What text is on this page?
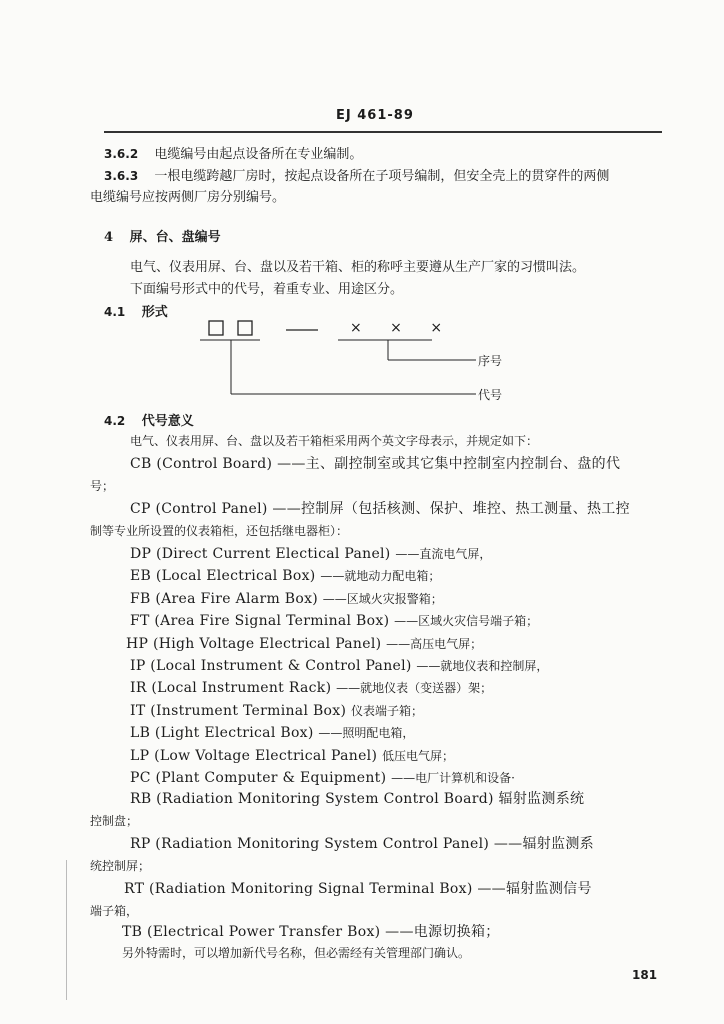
EJ 461-89
3.6.2 电缆编号由起点设备所在专业编制。
3.6.3 一根电缆跨越厂房时，按起点设备所在子项号编制，但安全壳上的贯穿件的两侧
电缆编号应按两侧厂房分别编号。
4 屏、台、盘编号
电气、仪表用屏、台、盘以及若干箱、柜的称呼主要遵从生产厂家的习惯叫法。
下面编号形式中的代号，着重专业、用途区分。
4.1 形式
× × ×
序号
代号
4.2 代号意义
电气、仪表用屏、台、盘以及若干箱柜采用两个英文字母表示，并规定如下：
CB (Control Board) ——主、副控制室或其它集中控制室内控制台、盘的代
号；
CP (Control Panel) ——控制屏（包括核测、保护、堆控、热工测量、热工控
制等专业所设置的仪表箱柜，还包括继电器柜）：
DP (Direct Current Electical Panel) ——直流电气屏，
EB (Local Electrical Box) ——就地动力配电箱；
FB (Area Fire Alarm Box) ——区域火灾报警箱；
FT (Area Fire Signal Terminal Box) ——区域火灾信号端子箱；
HP (High Voltage Electrical Panel) ——高压电气屏；
IP (Local Instrument & Control Panel) ——就地仪表和控制屏，
IR (Local Instrument Rack) ——就地仪表（变送器）架；
IT (Instrument Terminal Box) 仪表端子箱；
LB (Light Electrical Box) ——照明配电箱，
LP (Low Voltage Electrical Panel) 低压电气屏；
PC (Plant Computer & Equipment) ——电厂计算机和设备·
RB (Radiation Monitoring System Control Board) 辐射监测系统
控制盘；
RP (Radiation Monitoring System Control Panel) ——辐射监测系
统控制屏；
RT (Radiation Monitoring Signal Terminal Box) ——辐射监测信号
端子箱，
TB (Electrical Power Transfer Box) ——电源切换箱；
另外特需时，可以增加新代号名称，但必需经有关管理部门确认。
181
